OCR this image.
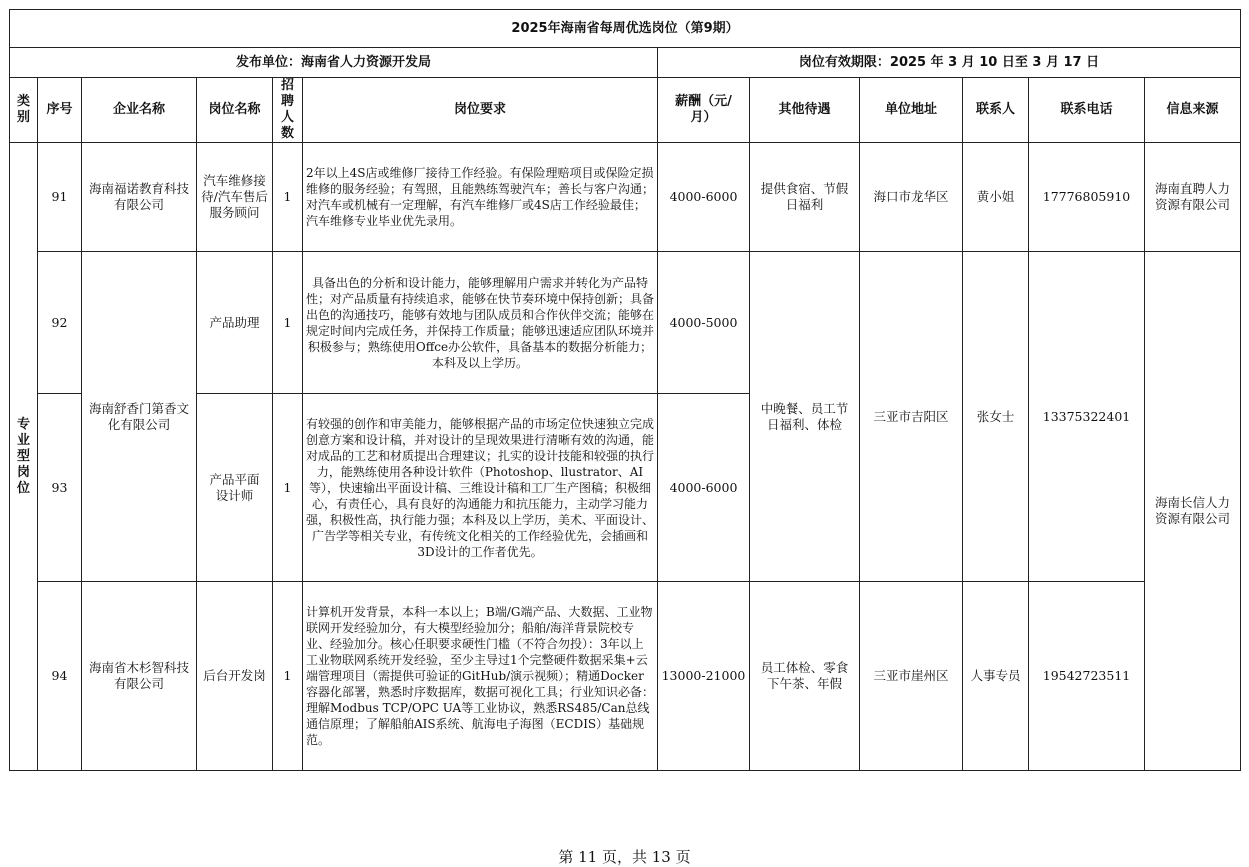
2025年海南省每周优选岗位（第9期）											
发布单位：海南省人力资源开发局						岗位有效期限：2025 年 3 月 10 日至 3 月 17 日					
类别	序号	企业名称	岗位名称	招聘人数	岗位要求	薪酬（元/月）	其他待遇	单位地址	联系人	联系电话	信息来源
专业型岗位	91	海南福诺教育科技有限公司	汽车维修接待/汽车售后服务顾问	1	2年以上4S店或维修厂接待工作经验。有保险理赔项目或保险定损维修的服务经验；有驾照，且能熟练驾驶汽车；善长与客户沟通；对汽车或机械有一定理解，有汽车维修厂或4S店工作经验最佳；汽车维修专业毕业优先录用。	4000-6000	提供食宿、节假日福利	海口市龙华区	黄小姐	17776805910	海南直聘人力资源有限公司
	92	海南舒香门第香文化有限公司	产品助理	1	具备出色的分析和设计能力，能够理解用户需求并转化为产品特性；对产品质量有持续追求，能够在快节奏环境中保持创新；具备出色的沟通技巧，能够有效地与团队成员和合作伙伴交流；能够在规定时间内完成任务，并保持工作质量；能够迅速适应团队环境并积极参与；熟练使用Offce办公软件，具备基本的数据分析能力；本科及以上学历。	4000-5000	中晚餐、员工节日福利、体检	三亚市吉阳区	张女士	13375322401	海南长信人力资源有限公司
	93		产品平面设计师	1	有较强的创作和审美能力，能够根据产品的市场定位快速独立完成创意方案和设计稿，并对设计的呈现效果进行清晰有效的沟通，能对成品的工艺和材质提出合理建议；扎实的设计技能和较强的执行力，能熟练使用各种设计软件（Photoshop、llustrator、AI等），快速输出平面设计稿、三维设计稿和工厂生产图稿；积极细心，有责任心，具有良好的沟通能力和抗压能力，主动学习能力强，积极性高，执行能力强；本科及以上学历，美术、平面设计、广告学等相关专业，有传统文化相关的工作经验优先，会插画和3D设计的工作者优先。	4000-6000					
	94	海南省木杉智科技有限公司	后台开发岗	1	计算机开发背景，本科一本以上；B端/G端产品、大数据、工业物联网开发经验加分，有大模型经验加分；船舶/海洋背景院校专业、经验加分。核心任职要求硬性门槛（不符合勿投）：3年以上工业物联网系统开发经验，至少主导过1个完整硬件数据采集+云端管理项目（需提供可验证的GitHub/演示视频）；精通Docker容器化部署，熟悉时序数据库，数据可视化工具；行业知识必备：理解Modbus TCP/OPC UA等工业协议，熟悉RS485/Can总线通信原理；了解船舶AIS系统、航海电子海图（ECDIS）基础规范。	13000-21000	员工体检、零食下午茶、年假	三亚市崖州区	人事专员	19542723511	
第 11 页，共 13 页
